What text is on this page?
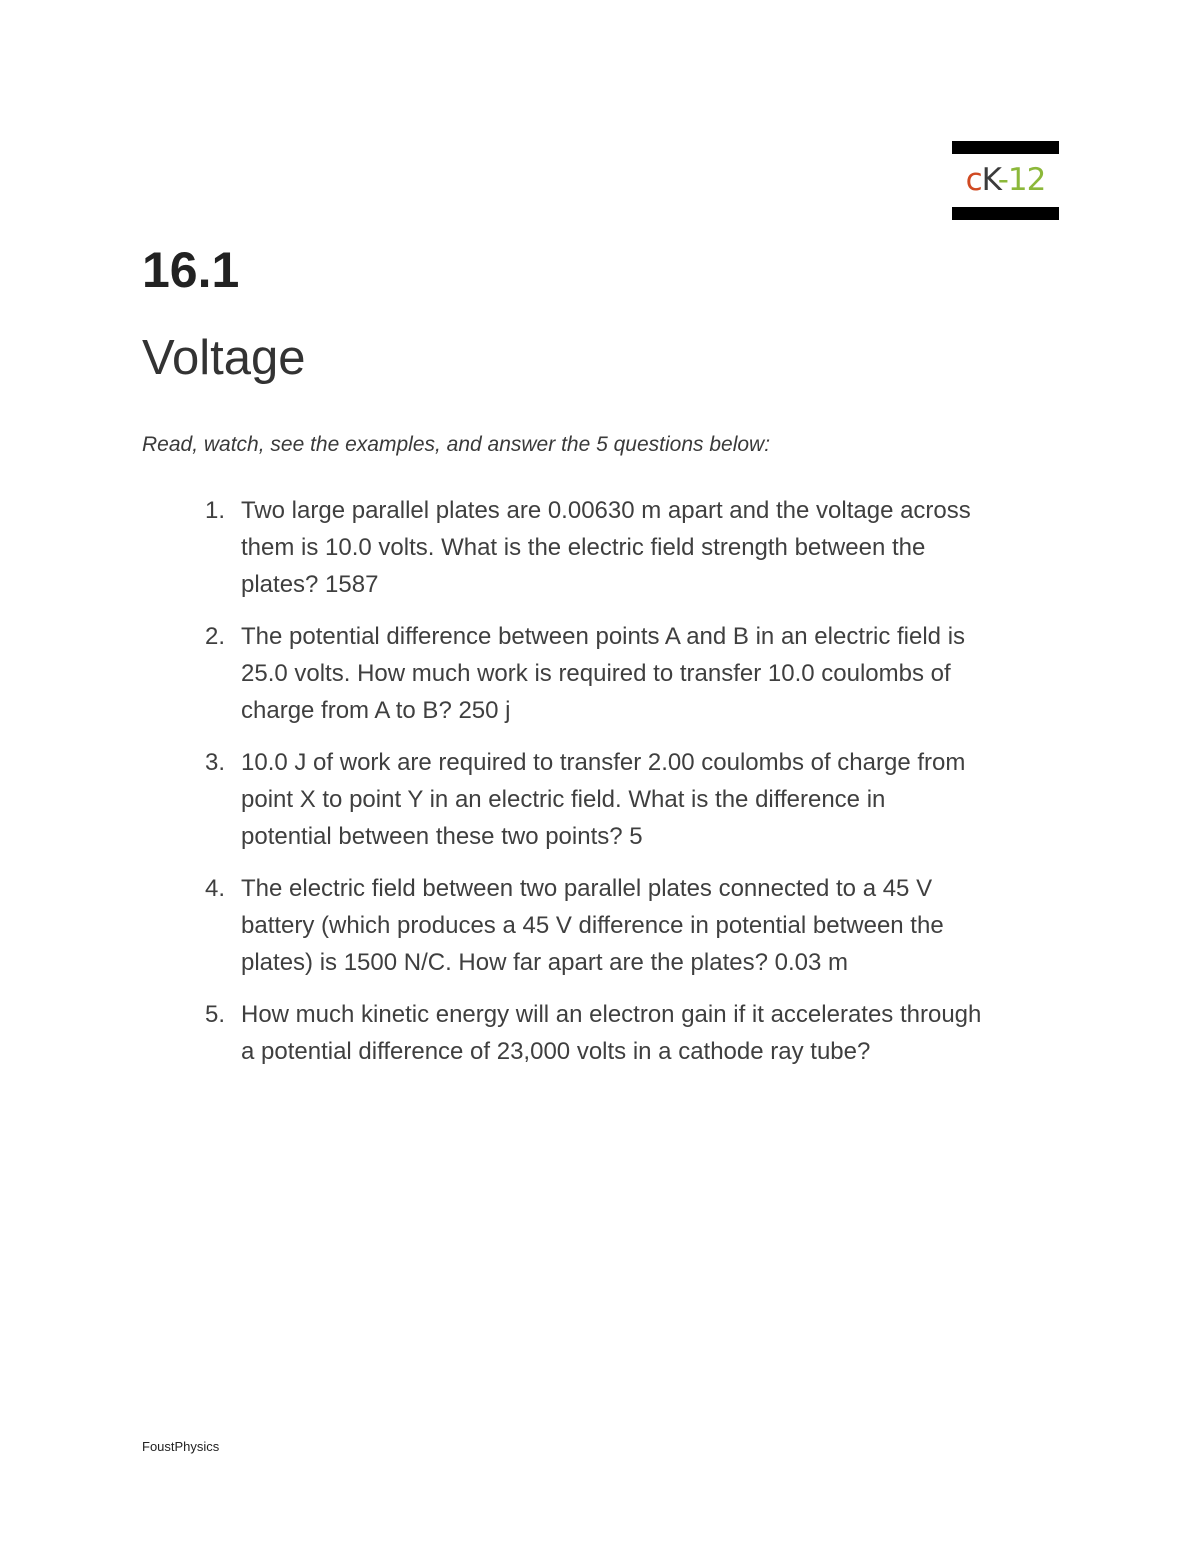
cK-12
16.1
Voltage

Read, watch, see the examples, and answer the 5 questions below:

1. Two large parallel plates are 0.00630 m apart and the voltage across
them is 10.0 volts. What is the electric field strength between the
plates? 1587
2. The potential difference between points A and B in an electric field is
25.0 volts. How much work is required to transfer 10.0 coulombs of
charge from A to B? 250 j
3. 10.0 J of work are required to transfer 2.00 coulombs of charge from
point X to point Y in an electric field. What is the difference in
potential between these two points? 5
4. The electric field between two parallel plates connected to a 45 V
battery (which produces a 45 V difference in potential between the
plates) is 1500 N/C. How far apart are the plates? 0.03 m
5. How much kinetic energy will an electron gain if it accelerates through
a potential difference of 23,000 volts in a cathode ray tube?

FoustPhysics
